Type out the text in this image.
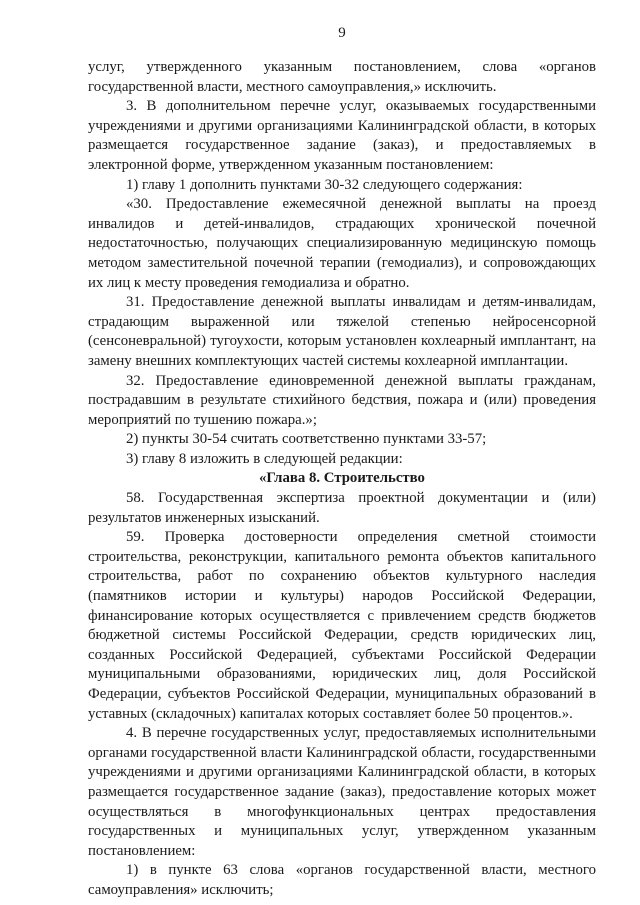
9

услуг, утвержденного указанным постановлением, слова «органов государственной власти, местного самоуправления,» исключить.

3. В дополнительном перечне услуг, оказываемых государственными учреждениями и другими организациями Калининградской области, в которых размещается государственное задание (заказ), и предоставляемых в электронной форме, утвержденном указанным постановлением:

1) главу 1 дополнить пунктами 30-32 следующего содержания:

«30. Предоставление ежемесячной денежной выплаты на проезд инвалидов и детей-инвалидов, страдающих хронической почечной недостаточностью, получающих специализированную медицинскую помощь методом заместительной почечной терапии (гемодиализ), и сопровождающих их лиц к месту проведения гемодиализа и обратно.

31. Предоставление денежной выплаты инвалидам и детям-инвалидам, страдающим выраженной или тяжелой степенью нейросенсорной (сенсоневральной) тугоухости, которым установлен кохлеарный имплантант, на замену внешних комплектующих частей системы кохлеарной имплантации.

32. Предоставление единовременной денежной выплаты гражданам, пострадавшим в результате стихийного бедствия, пожара и (или) проведения мероприятий по тушению пожара.»;

2) пункты 30-54 считать соответственно пунктами 33-57;

3) главу 8 изложить в следующей редакции:

«Глава 8. Строительство

58. Государственная экспертиза проектной документации и (или) результатов инженерных изысканий.

59. Проверка достоверности определения сметной стоимости строительства, реконструкции, капитального ремонта объектов капитального строительства, работ по сохранению объектов культурного наследия (памятников истории и культуры) народов Российской Федерации, финансирование которых осуществляется с привлечением средств бюджетов бюджетной системы Российской Федерации, средств юридических лиц, созданных Российской Федерацией, субъектами Российской Федерации муниципальными образованиями, юридических лиц, доля Российской Федерации, субъектов Российской Федерации, муниципальных образований в уставных (складочных) капиталах которых составляет более 50 процентов.».

4. В перечне государственных услуг, предоставляемых исполнительными органами государственной власти Калининградской области, государственными учреждениями и другими организациями Калининградской области, в которых размещается государственное задание (заказ), предоставление которых может осуществляться в многофункциональных центрах предоставления государственных и муниципальных услуг, утвержденном указанным постановлением:

1) в пункте 63 слова «органов государственной власти, местного самоуправления» исключить;
